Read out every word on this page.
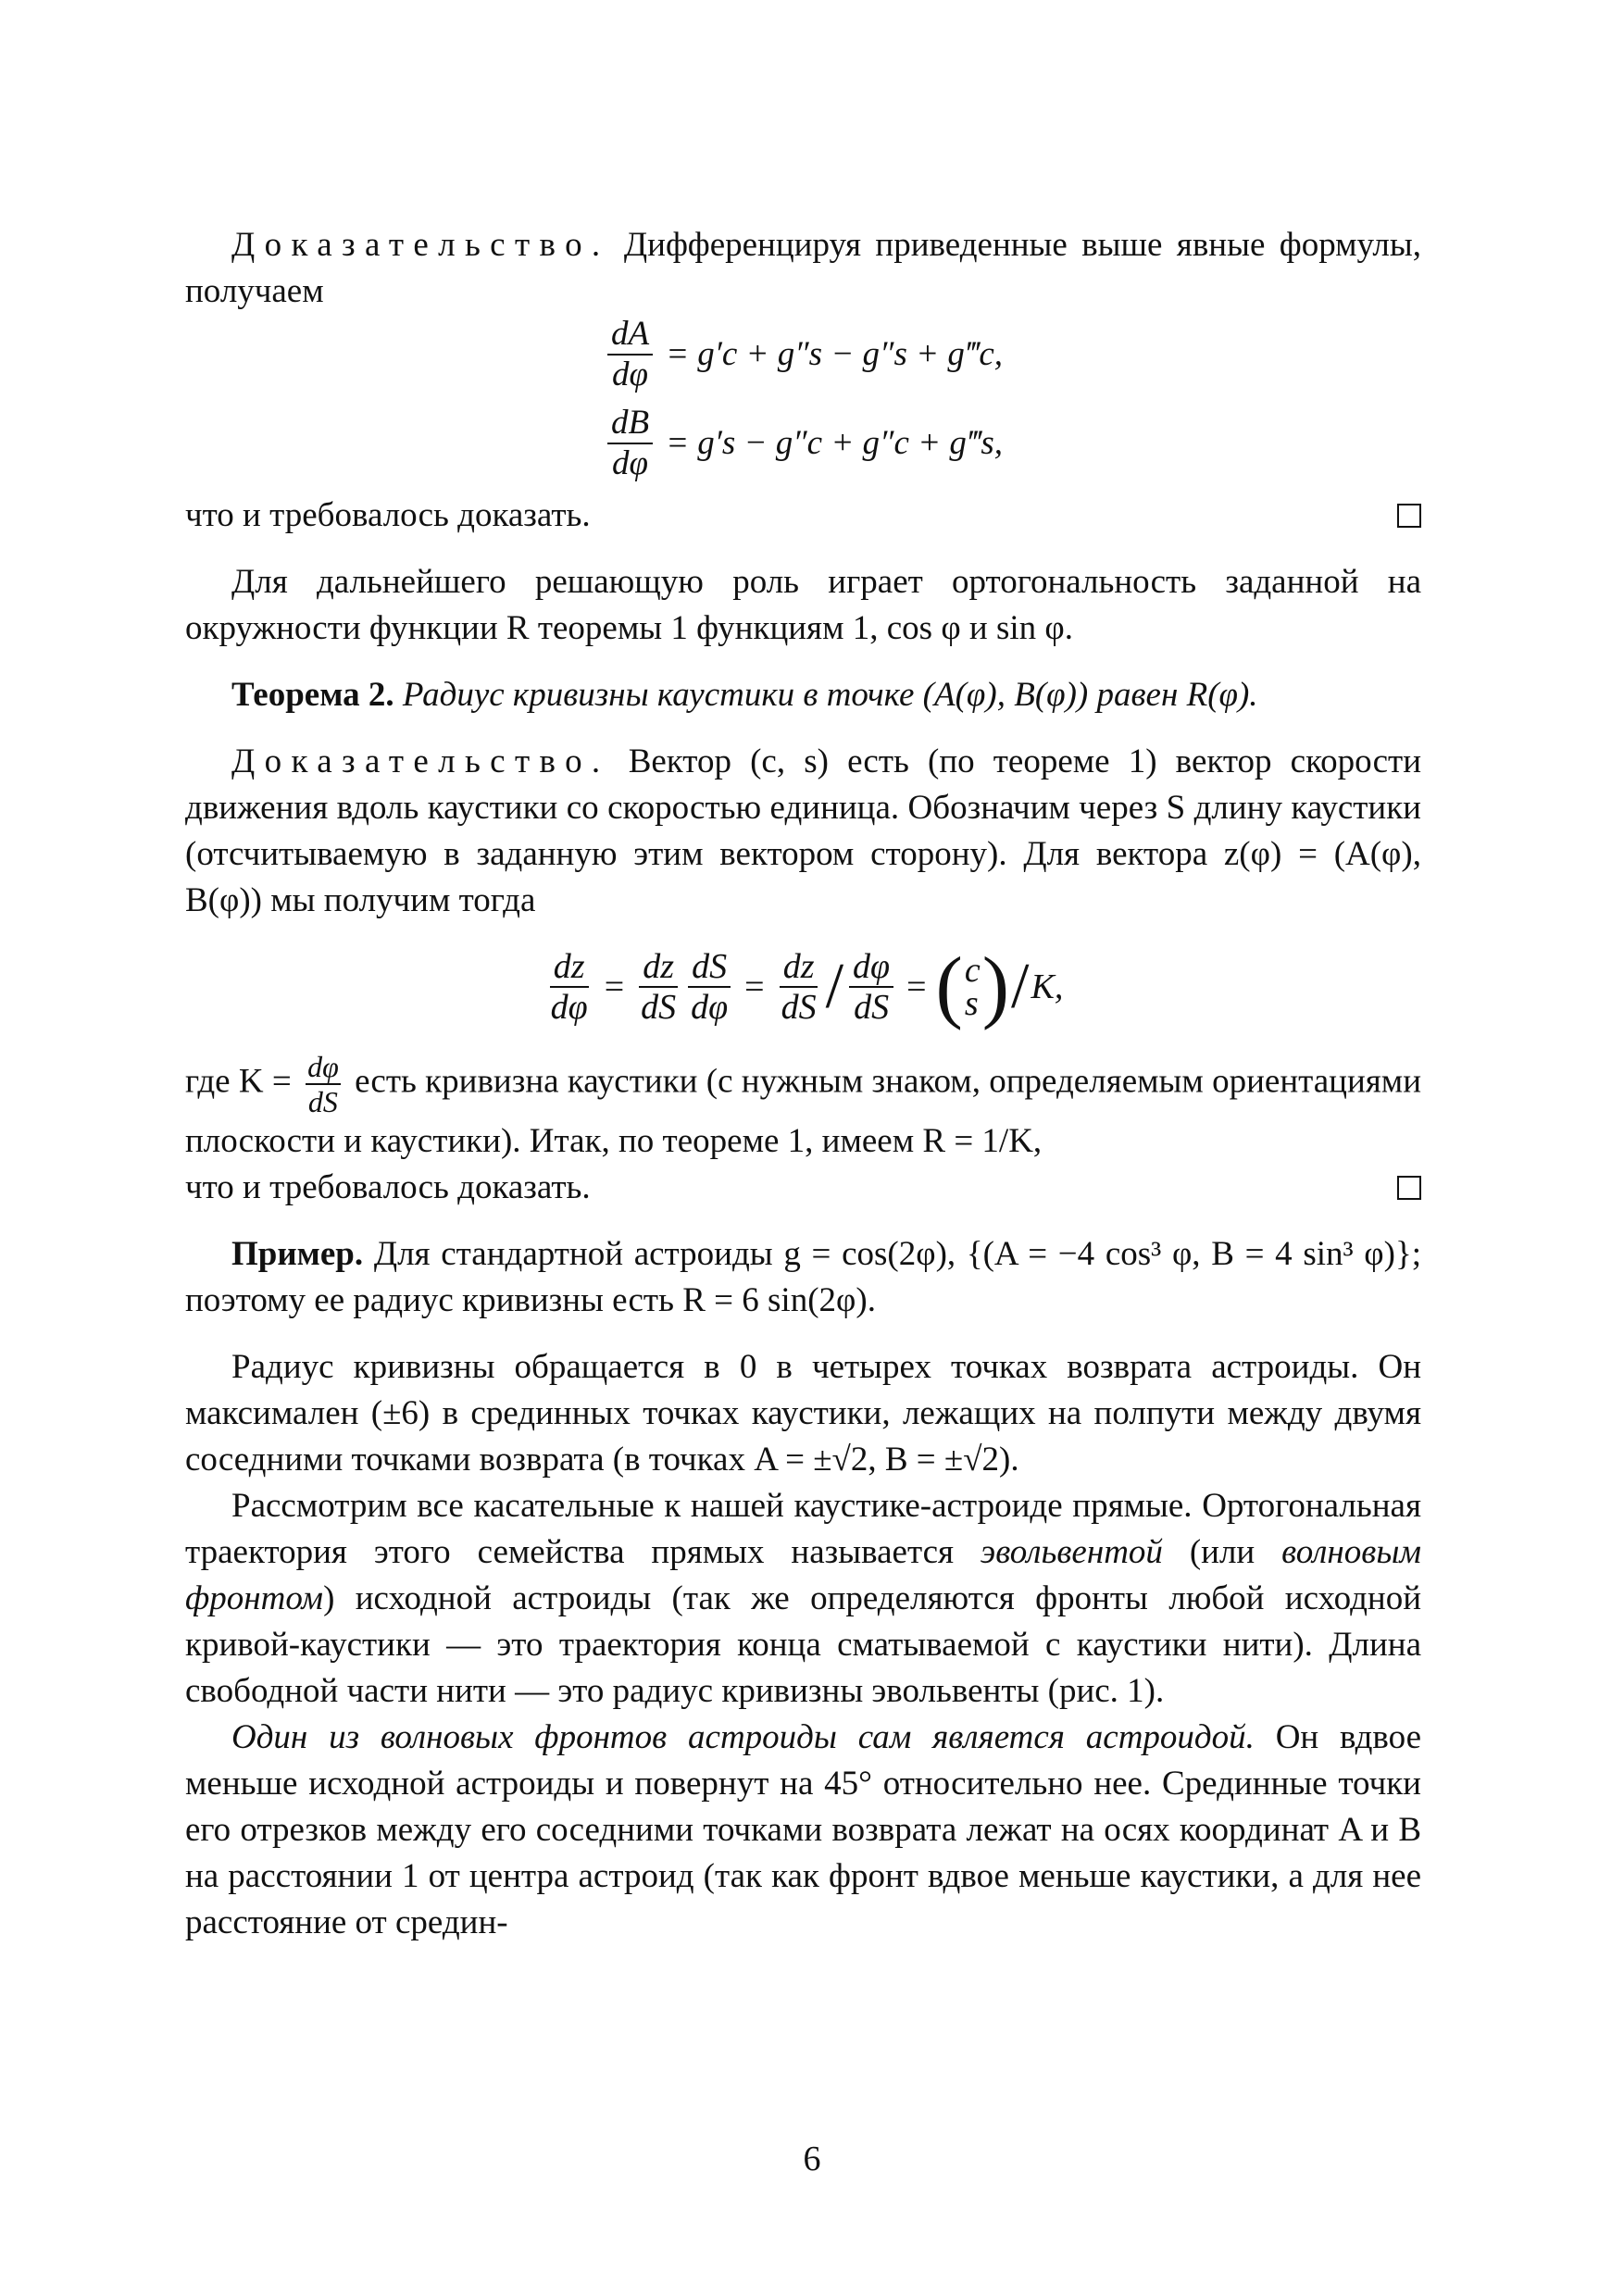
Доказательство. Дифференцируя приведенные выше явные формулы, получаем

$\frac{dA}{d\varphi} = g'c + g''s - g''s$ + g‴c,
$\frac{dB}{d\varphi} = g's - g''c + g''c$ + g‴s,
что и требовалось доказать.

Для дальнейшего решающую роль играет ортогональность заданной на окружности функции R теоремы 1 функциям 1, cos φ и sin φ.

Теорема 2. Радиус кривизны каустики в точке (A(φ), B(φ)) равен R(φ).

Доказательство. Вектор (c, s) есть (по теореме 1) вектор скорости движения вдоль каустики со скоростью единица. Обозначим через S длину каустики (отсчитываемую в заданную этим вектором сторону). Для вектора z(φ) = (A(φ), B(φ)) мы получим тогда

$\frac{dz}{d\varphi} = \frac{dz}{dS} \frac{dS}{d\varphi} = \frac{dz}{dS} / \frac{d\varphi}{dS}$ = ( c
s ) / K,

где $K = \frac{d\varphi}{dS}$ есть кривизна каустики (с нужным знаком, определяемым ориентациями плоскости и каустики). Итак, по теореме 1, имеем R = 1/K,

что и требовалось доказать.

Пример. Для стандартной астроиды g = cos(2φ), {(A = −4 cos³ φ, B = 4 sin³ φ)}; поэтому ее радиус кривизны есть R = 6 sin(2φ).

Радиус кривизны обращается в 0 в четырех точках возврата астроиды. Он максимален (±6) в срединных точках каустики, лежащих на полпути между двумя соседними точками возврата (в точках A = ±√2, B = ±√2).

Рассмотрим все касательные к нашей каустике-астроиде прямые. Ортогональная траектория этого семейства прямых называется эвольвентой (или волновым фронтом) исходной астроиды (так же определяются фронты любой исходной кривой-каустики — это траектория конца сматываемой с каустики нити). Длина свободной части нити — это радиус кривизны эвольвенты (рис. 1).

Один из волновых фронтов астроиды сам является астроидой. Он вдвое меньше исходной астроиды и повернут на 45° относительно нее. Срединные точки его отрезков между его соседними точками возврата лежат на осях координат A и B на расстоянии 1 от центра астроид (так как фронт вдвое меньше каустики, а для нее расстояние от средин-

6
